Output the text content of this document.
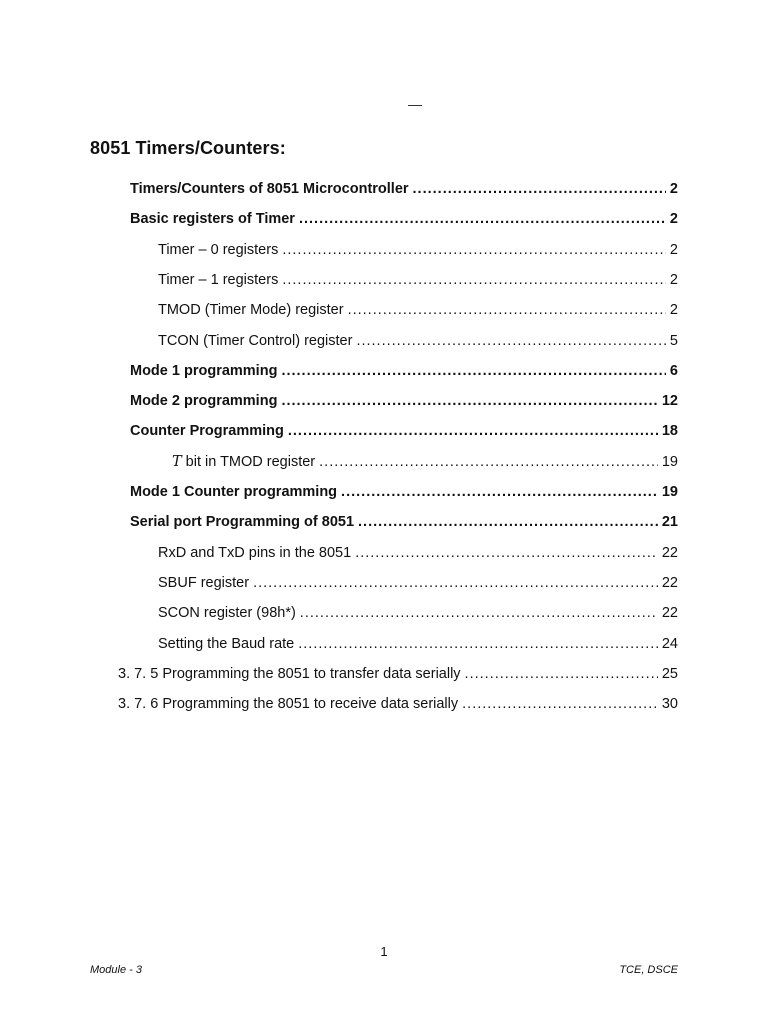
—
8051 Timers/Counters:
Timers/Counters of 8051 Microcontroller .....	2
Basic registers of Timer .....	2
Timer – 0 registers .....	2
Timer – 1 registers .....	2
TMOD (Timer Mode) register .....	2
TCON (Timer Control) register .....	5
Mode 1 programming .....	6
Mode 2 programming .....	12
Counter Programming .....	18
T bit in TMOD register .....	19
Mode 1 Counter programming .....	19
Serial port Programming of 8051 .....	21
RxD and TxD pins in the 8051 .....	22
SBUF register .....	22
SCON register (98h*) .....	22
Setting the Baud rate .....	24
3. 7. 5 Programming the 8051 to transfer data serially .....	25
3. 7. 6 Programming the 8051 to receive data serially .....	30
1
Module - 3	TCE, DSCE
